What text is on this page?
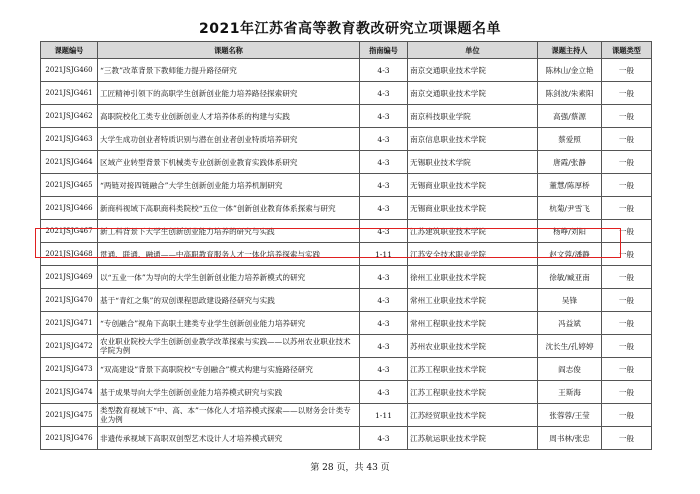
2021年江苏省高等教育教改研究立项课题名单
课题编号	课题名称	指南编号	单位	课题主持人	课题类型
2021JSJG460	“三教”改革背景下教师能力提升路径研究	4-3	南京交通职业技术学院	陈林山/金立艳	一般
2021JSJG461	工匠精神引领下的高职学生创新创业能力培养路径探索研究	4-3	南京交通职业技术学院	陈剑波/朱素阳	一般
2021JSJG462	高职院校化工类专业创新创业人才培养体系的构建与实践	4-3	南京科技职业学院	高强/蔡源	一般
2021JSJG463	大学生成功创业者特质识别与潜在创业者创业特质培养研究	4-3	南京信息职业技术学院	蔡爱照	一般
2021JSJG464	区域产业转型背景下机械类专业创新创业教育实践体系研究	4-3	无锡职业技术学院	唐霞/张静	一般
2021JSJG465	“两链对接四链融合”大学生创新创业能力培养机制研究	4-3	无锡商业职业技术学院	董慧/陈厚桥	一般
2021JSJG466	新商科视域下高职商科类院校“五位一体”创新创业教育体系探索与研究	4-3	无锡商业职业技术学院	杭菊/尹雪飞	一般
2021JSJG467	新工科背景下大学生创新创业能力培养的研究与实践	4-3	江苏建筑职业技术学院	杨峥/刘阳	一般
2021JSJG468	贯通、联通、融通——中高职教育服务人才一体化培养探索与实践	1-11	江苏安全技术职业学院	赵文蓉/潘静	一般
2021JSJG469	以“五业一体”为导向的大学生创新创业能力培养新模式的研究	4-3	徐州工业职业技术学院	徐敏/臧亚南	一般
2021JSJG470	基于“青红之集”的双创课程思政建设路径研究与实践	4-3	常州工业职业技术学院	吴锋	一般
2021JSJG471	“专创融合”视角下高职土建类专业学生创新创业能力培养研究	4-3	常州工程职业技术学院	冯益斌	一般
2021JSJG472	农业职业院校大学生创新创业教学改革探索与实践——以苏州农业职业技术学院为例	4-3	苏州农业职业技术学院	沈长生/孔婷婷	一般
2021JSJG473	“双高建设”背景下高职院校“专创融合”模式构建与实施路径研究	4-3	江苏工程职业技术学院	阎志俊	一般
2021JSJG474	基于成果导向大学生创新创业能力培养模式研究与实践	4-3	江苏工程职业技术学院	王斯海	一般
2021JSJG475	类型教育视域下“中、高、本”一体化人才培养模式探索——以财务会计类专业为例	1-11	江苏经贸职业技术学院	张蓉蓉/王莹	一般
2021JSJG476	非遗传承视域下高职双创型艺术设计人才培养模式研究	4-3	江苏航运职业技术学院	周书林/张忠	一般
第 28 页，共 43 页
